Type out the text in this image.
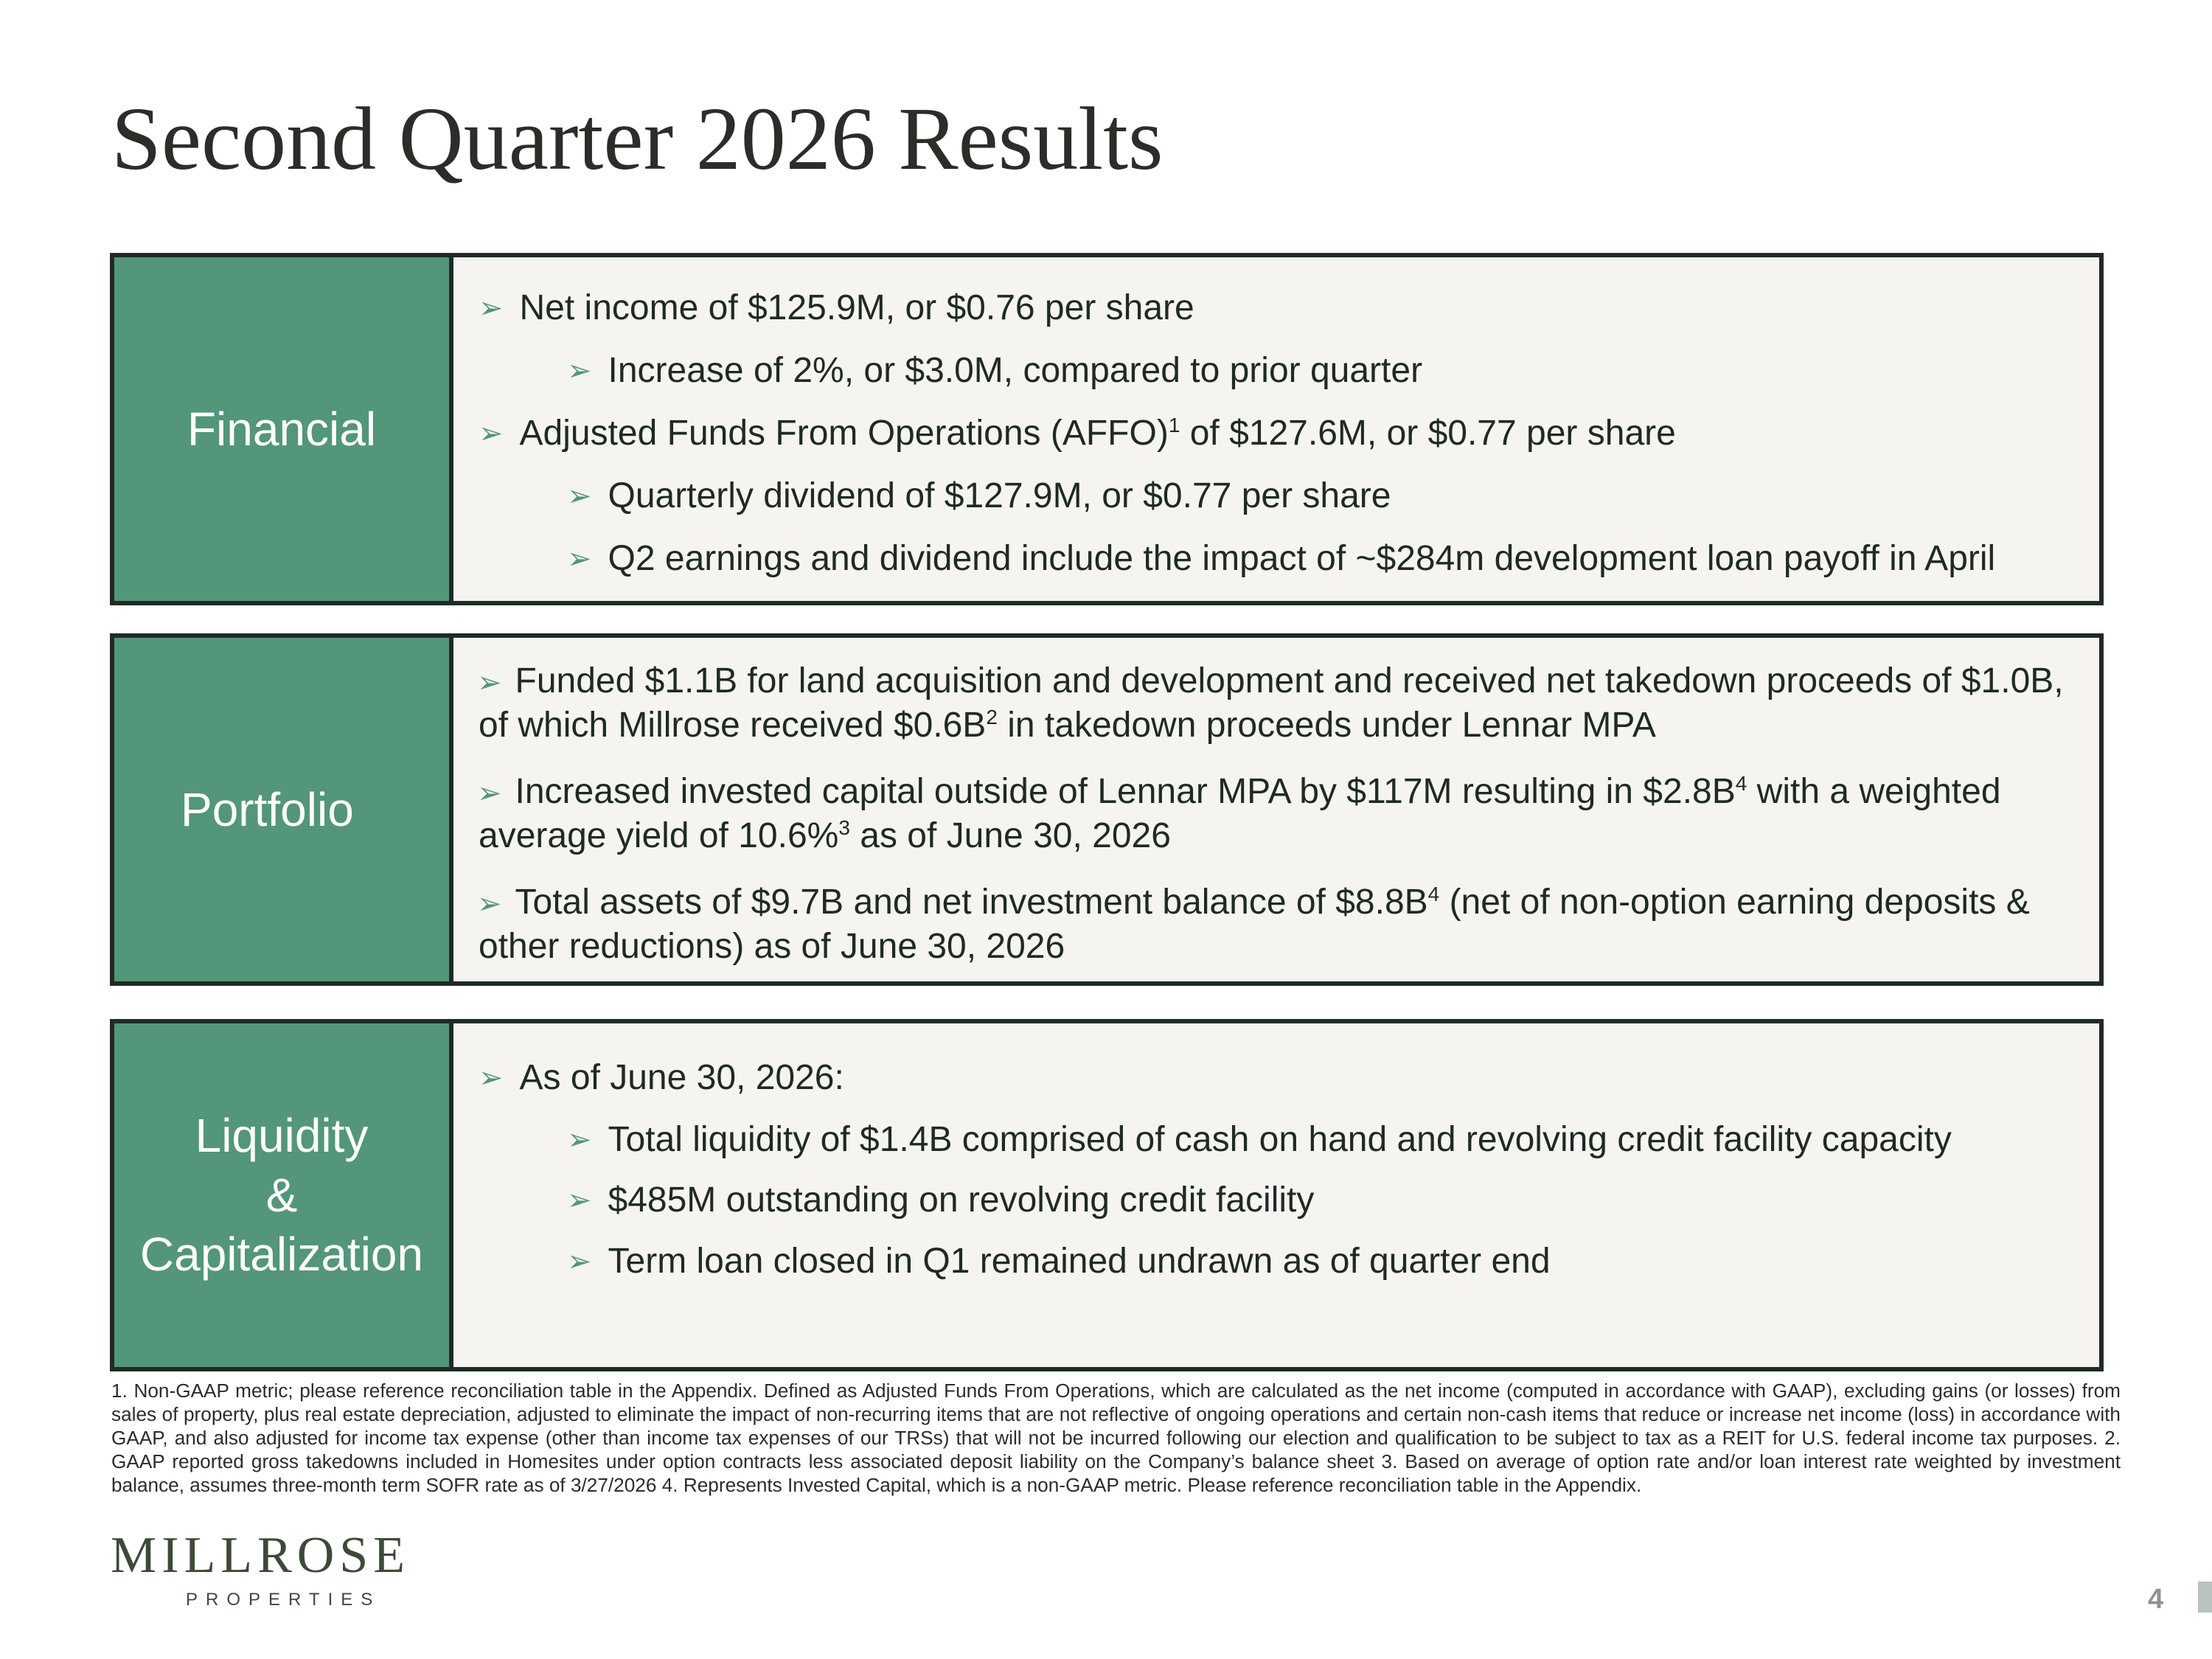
Second Quarter 2026 Results
Financial
➢ Net income of $125.9M, or $0.76 per share
➢ Increase of 2%, or $3.0M, compared to prior quarter
➢ Adjusted Funds From Operations (AFFO)$^1$ of $127.6M, or $0.77 per share
➢ Quarterly dividend of $127.9M, or $0.77 per share
➢ Q2 earnings and dividend include the impact of ~$284m development loan payoff in April
Portfolio
➢ Funded $1.1B for land acquisition and development and received net takedown proceeds of $1.0B, of which Millrose received $\$0.6B^2$ in takedown proceeds under Lennar MPA
➢ Increased invested capital outside of Lennar MPA by $117M resulting in $\$2.8B^4$ with a weighted average yield of 10.6%$^3$ as of June 30, 2026
➢ Total assets of $9.7B and net investment balance of $\$8.8B^4$ (net of non-option earning deposits & other reductions) as of June 30, 2026
Liquidity
&
Capitalization
➢ As of June 30, 2026:
➢ Total liquidity of $1.4B comprised of cash on hand and revolving credit facility capacity
➢ $485M outstanding on revolving credit facility
➢ Term loan closed in Q1 remained undrawn as of quarter end
1. Non-GAAP metric; please reference reconciliation table in the Appendix. Defined as Adjusted Funds From Operations, which are calculated as the net income (computed in accordance with GAAP), excluding gains (or losses) from sales of property, plus real estate depreciation, adjusted to eliminate the impact of non-recurring items that are not reflective of ongoing operations and certain non-cash items that reduce or increase net income (loss) in accordance with GAAP, and also adjusted for income tax expense (other than income tax expenses of our TRSs) that will not be incurred following our election and qualification to be subject to tax as a REIT for U.S. federal income tax purposes. 2. GAAP reported gross takedowns included in Homesites under option contracts less associated deposit liability on the Company’s balance sheet 3. Based on average of option rate and/or loan interest rate weighted by investment balance, assumes three-month term SOFR rate as of 3/27/2026 4. Represents Invested Capital, which is a non-GAAP metric. Please reference reconciliation table in the Appendix.
MILLROSE
PROPERTIES	4
